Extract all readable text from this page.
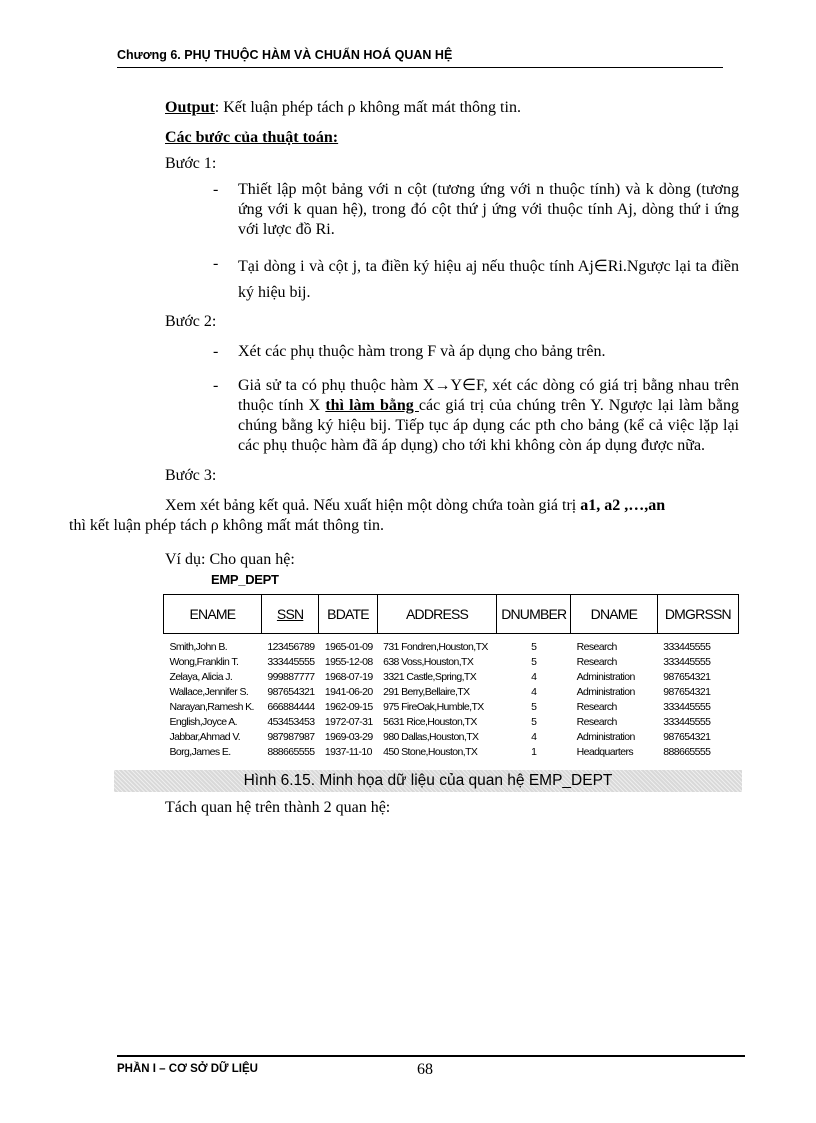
Chương 6. PHỤ THUỘC HÀM VÀ CHUẨN HOÁ QUAN HỆ

Output: Kết luận phép tách ρ không mất mát thông tin.

Các bước của thuật toán:

Bước 1:

-	Thiết lập một bảng với n cột (tương ứng với n thuộc tính) và k dòng (tương ứng với k quan hệ), trong đó cột thứ j ứng với thuộc tính Aj, dòng thứ i ứng với lược đồ Ri.
-	Tại dòng i và cột j, ta điền ký hiệu aj nếu thuộc tính Aj∈Ri.Ngược lại ta điền ký hiệu bij.

Bước 2:

-	Xét các phụ thuộc hàm trong F và áp dụng cho bảng trên.
-	Giả sử ta có phụ thuộc hàm X→Y∈F, xét các dòng có giá trị bằng nhau trên thuộc tính X thì làm bằng các giá trị của chúng trên Y. Ngược lại làm bằng chúng bằng ký hiệu bij. Tiếp tục áp dụng các pth cho bảng (kể cả việc lặp lại các phụ thuộc hàm đã áp dụng) cho tới khi không còn áp dụng được nữa.

Bước 3:

Xem xét bảng kết quả. Nếu xuất hiện một dòng chứa toàn giá trị a1, a2 ,…,an
thì kết luận phép tách ρ không mất mát thông tin.

Ví dụ: Cho quan hệ:

EMP_DEPT
ENAME	SSN	BDATE	ADDRESS	DNUMBER	DNAME	DMGRSSN
Smith,John B.	123456789	1965-01-09	731 Fondren,Houston,TX	5	Research	333445555
Wong,Franklin T.	333445555	1955-12-08	638 Voss,Houston,TX	5	Research	333445555
Zelaya, Alicia J.	999887777	1968-07-19	3321 Castle,Spring,TX	4	Administration	987654321
Wallace,Jennifer S.	987654321	1941-06-20	291 Berry,Bellaire,TX	4	Administration	987654321
Narayan,Ramesh K.	666884444	1962-09-15	975 FireOak,Humble,TX	5	Research	333445555
English,Joyce A.	453453453	1972-07-31	5631 Rice,Houston,TX	5	Research	333445555
Jabbar,Ahmad V.	987987987	1969-03-29	980 Dallas,Houston,TX	4	Administration	987654321
Borg,James E.	888665555	1937-11-10	450 Stone,Houston,TX	1	Headquarters	888665555
Hình 6.15. Minh họa dữ liệu của quan hệ EMP_DEPT

Tách quan hệ trên thành 2 quan hệ:

PHẦN I – CƠ SỞ DỮ LIỆU	68
